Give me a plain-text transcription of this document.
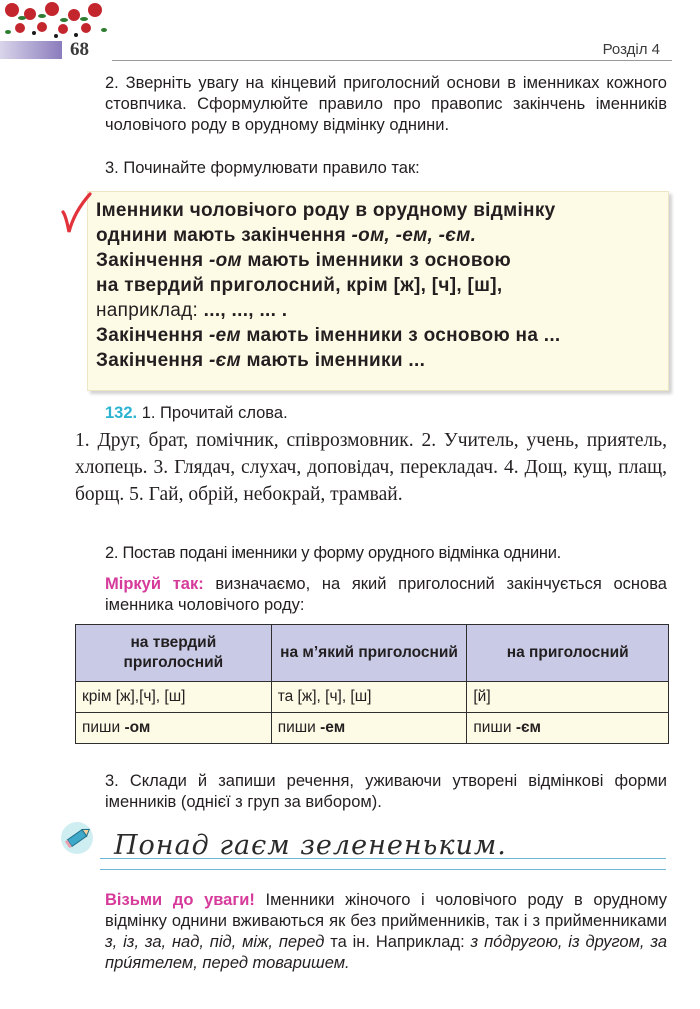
68	Розділ 4
2. Зверніть увагу на кінцевий приголосний основи в іменниках кожного стовпчика. Сформулюйте правило про правопис закінчень іменників чоловічого роду в орудному відмінку однини.
3. Починайте формулювати правило так:
Іменники чоловічого роду в орудному відмінку
однини мають закінчення -ом, -ем, -єм.
Закінчення -ом мають іменники з основою
на твердий приголосний, крім [ж], [ч], [ш],
наприклад: ..., ..., ... .
Закінчення -ем мають іменники з основою на ...
Закінчення -єм мають іменники ...
132. 1. Прочитай слова.
1. Друг, брат, помічник, співрозмовник. 2. Учитель, учень, приятель, хлопець. 3. Глядач, слухач, доповідач, перекладач. 4. Дощ, кущ, плащ, борщ. 5. Гай, обрій, небокрай, трамвай.
2. Постав подані іменники у форму орудного відмінка однини.
Міркуй так: визначаємо, на який приголосний закінчується основа іменника чоловічого роду:
на твердий приголосний	на м’який приголосний	на приголосний
крім [ж],[ч], [ш]	та [ж], [ч], [ш]	[й]
пиши -ом	пиши -ем	пиши -єм
3. Склади й запиши речення, уживаючи утворені відмінкові форми іменників (однієї з груп за вибором).
Понад гаєм зелененьким.
Візьми до уваги! Іменники жіночого і чоловічого роду в орудному відмінку однини вживаються як без прийменників, так і з прийменниками з, із, за, над, під, між, перед та ін. Наприклад: з пóдругою, із другом, за прúятелем, перед товаришем.
